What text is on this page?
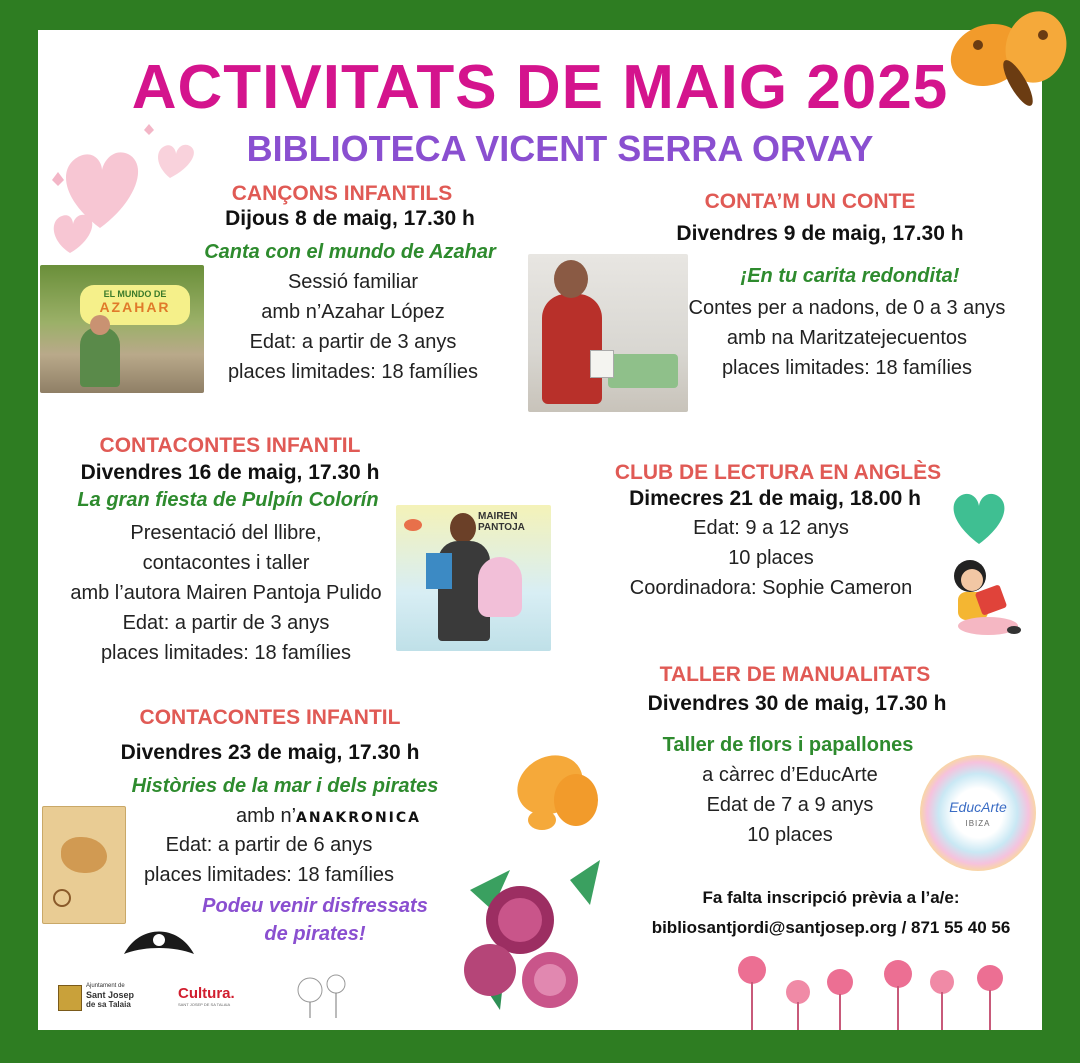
ACTIVITATS DE MAIG 2025
BIBLIOTECA VICENT SERRA ORVAY
CANÇONS INFANTILS
Dijous 8 de maig, 17.30 h
Canta con el mundo de Azahar
Sessió familiar
amb n’Azahar López
Edat: a partir de 3 anys
places limitades: 18 famílies
EL MUNDO DE
AZAHAR
CONTA’M UN CONTE
Divendres 9 de maig, 17.30 h
¡En tu carita redondita!
Contes per a nadons, de 0 a 3 anys
amb na Maritzatejecuentos
places limitades: 18 famílies
CONTACONTES INFANTIL
Divendres 16 de maig, 17.30 h
La gran fiesta de Pulpín Colorín
Presentació del llibre,
contacontes i taller
amb l’autora Mairen Pantoja Pulido
Edat: a partir de 3 anys
places limitades: 18 famílies
MAIREN PANTOJA
CLUB DE LECTURA EN ANGLÈS
Dimecres 21 de maig, 18.00 h
Edat: 9 a 12 anys
10 places
Coordinadora: Sophie Cameron
CONTACONTES INFANTIL
Divendres 23 de maig, 17.30 h
Històries de la mar i dels pirates
amb n’ANAKRONICA
Edat: a partir de 6 anys
places limitades: 18 famílies
Podeu venir disfressats
de pirates!
TALLER DE MANUALITATS
Divendres 30 de maig, 17.30 h
Taller de flors i papallones
a càrrec d’EducArte
Edat de 7 a 9 anys
10 places
EducArte
IBIZA
Fa falta inscripció prèvia a l’a/e:
bibliosantjordi@santjosep.org / 871 55 40 56
Ajuntament de
Sant Josep
de sa Talaia
Cultura.
SANT JOSEP DE SA TALAIA
